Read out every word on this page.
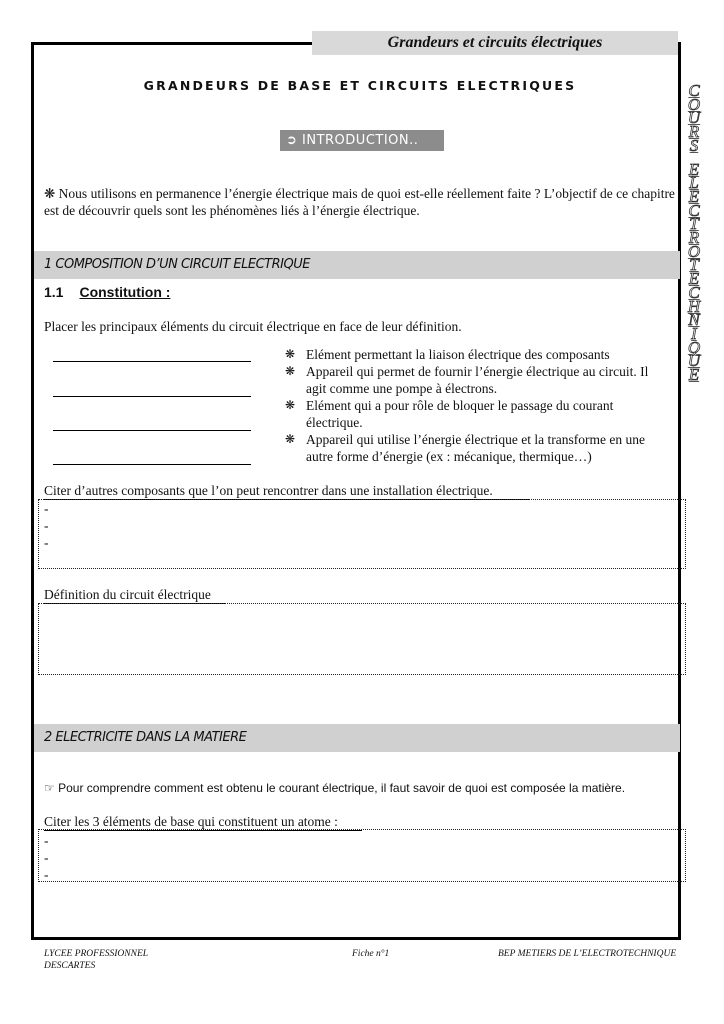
Grandeurs et circuits électriques
GRANDEURS DE BASE ET CIRCUITS ELECTRIQUES
➲ INTRODUCTION..
❋ Nous utilisons en permanence l’énergie électrique mais de quoi est-elle réellement faite ? L’objectif de ce chapitre est de découvrir quels sont les phénomènes liés à l’énergie électrique.
1 COMPOSITION D’UN CIRCUIT ELECTRIQUE
1.1 Constitution :
Placer les principaux éléments du circuit électrique en face de leur définition.
❋ Elément permettant la liaison électrique des composants
❋ Appareil qui permet de fournir l’énergie électrique au circuit. Il agit comme une pompe à électrons.
❋ Elément qui a pour rôle de bloquer le passage du courant électrique.
❋ Appareil qui utilise l’énergie électrique et la transforme en une autre forme d’énergie (ex : mécanique, thermique…)
Citer d’autres composants que l’on peut rencontrer dans une installation électrique.
-
-
-
Définition du circuit électrique
2 ELECTRICITE DANS LA MATIERE
☞ Pour comprendre comment est obtenu le courant électrique, il faut savoir de quoi est composée la matière.
Citer les 3 éléments de base qui constituent un atome :
-
-
-
C
O
U
R
S
E
L
E
C
T
R
O
T
E
C
H
N
I
Q
U
E
LYCEE PROFESSIONNEL
DESCARTES
Fiche n°1	BEP METIERS DE L’ELECTROTECHNIQUE
